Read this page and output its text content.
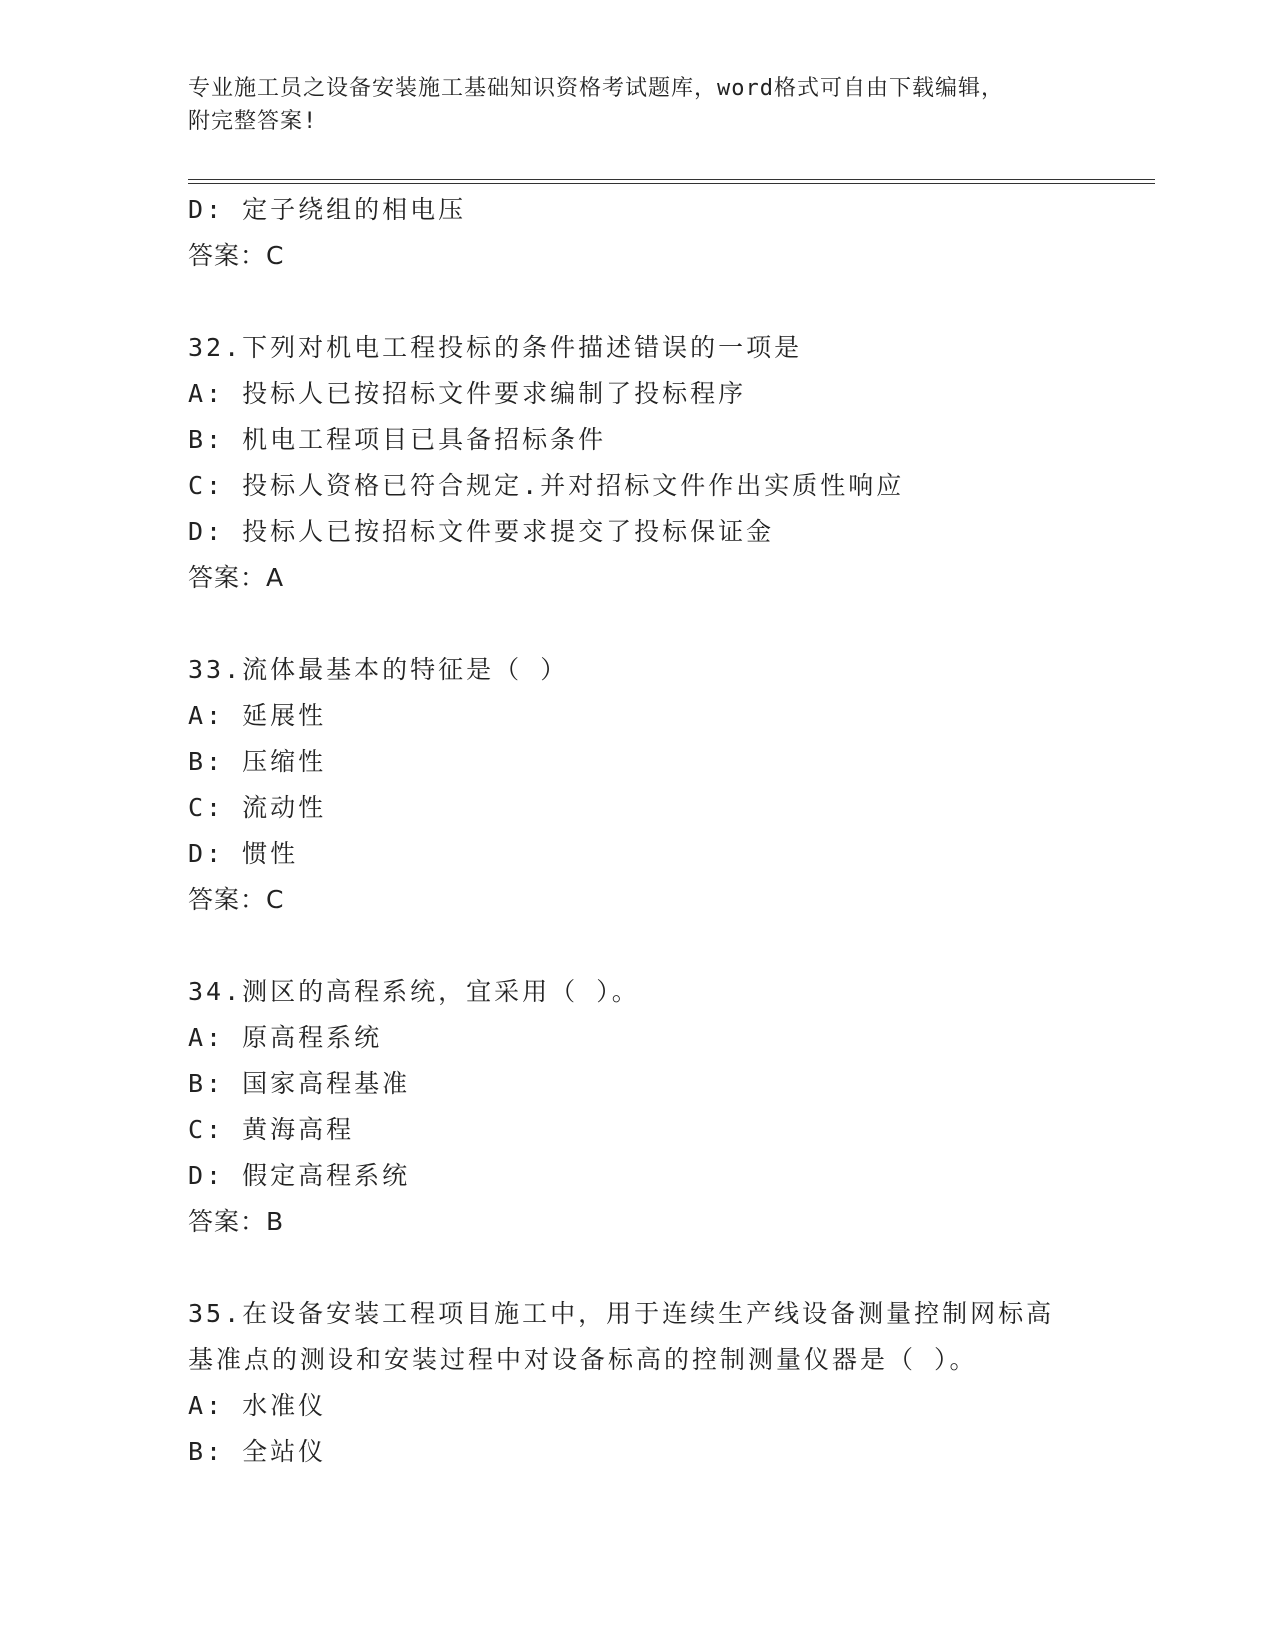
专业施工员之设备安装施工基础知识资格考试题库，word格式可自由下载编辑，
附完整答案!
D: 定子绕组的相电压
答案：C
32.下列对机电工程投标的条件描述错误的一项是
A: 投标人已按招标文件要求编制了投标程序
B: 机电工程项目已具备招标条件
C: 投标人资格已符合规定.并对招标文件作出实质性响应
D: 投标人已按招标文件要求提交了投标保证金
答案：A
33.流体最基本的特征是（ ）
A: 延展性
B: 压缩性
C: 流动性
D: 惯性
答案：C
34.测区的高程系统，宜采用（ ）。
A: 原高程系统
B: 国家高程基准
C: 黄海高程
D: 假定高程系统
答案：B
35.在设备安装工程项目施工中，用于连续生产线设备测量控制网标高
基准点的测设和安装过程中对设备标高的控制测量仪器是（ ）。
A: 水准仪
B: 全站仪
